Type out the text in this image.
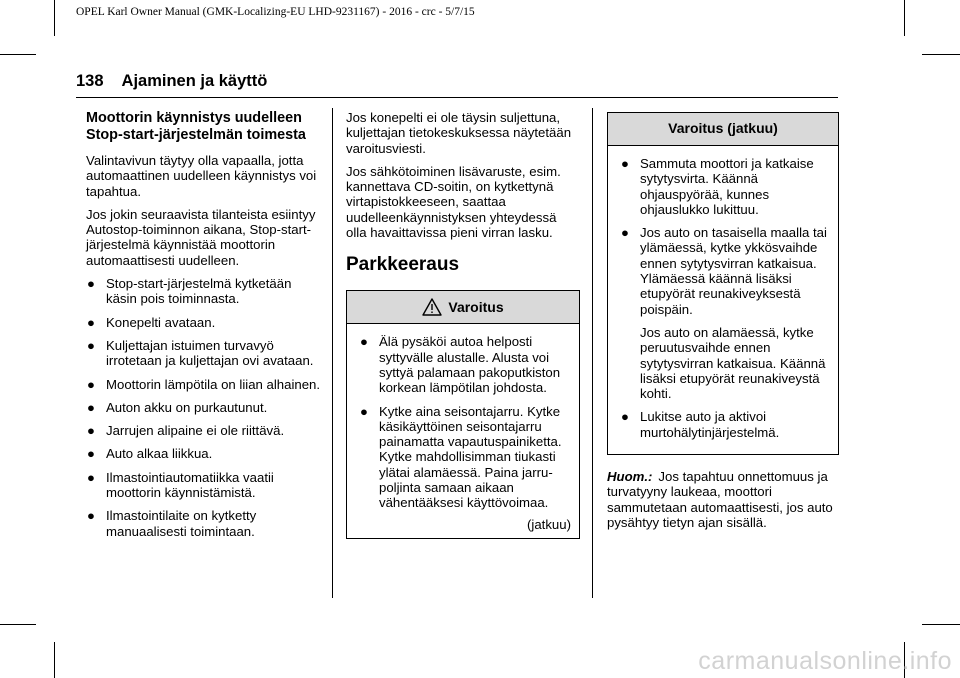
OPEL Karl Owner Manual (GMK-Localizing-EU LHD-9231167) - 2016 - crc - 5/7/15
138 Ajaminen ja käyttö
Moottorin käynnistys uudelleen Stop-start-järjestelmän toimesta

Valintavivun täytyy olla vapaalla, jotta automaattinen uudelleen käynnistys voi tapahtua.

Jos jokin seuraavista tilanteista esiintyy Autostop-toiminnon aikana, Stop-start-järjestelmä käynnistää moottorin automaattisesti uudelleen.

● Stop-start-järjestelmä kytketään käsin pois toiminnasta.
● Konepelti avataan.
● Kuljettajan istuimen turvavyö irrotetaan ja kuljettajan ovi avataan.
● Moottorin lämpötila on liian alhainen.
● Auton akku on purkautunut.
● Jarrujen alipaine ei ole riittävä.
● Auto alkaa liikkua.
● Ilmastointiautomatiikka vaatii moottorin käynnistämistä.
● Ilmastointilaite on kytketty manuaalisesti toimintaan.

Jos konepelti ei ole täysin suljettuna, kuljettajan tietokeskuksessa näytetään varoitusviesti.

Jos sähkötoiminen lisävaruste, esim. kannettava CD-soitin, on kytkettynä virtapistokkeeseen, saattaa uudelleenkäynnistyksen yhteydessä olla havaittavissa pieni virran lasku.

Parkkeeraus
Varoitus
● Älä pysäköi autoa helposti syttyvälle alustalle. Alusta voi syttyä palamaan pakoputkiston korkean lämpötilan johdosta.
● Kytke aina seisontajarru. Kytke käsikäyttöinen seisontajarru painamatta vapautuspainiketta. Kytke mahdollisimman tiukasti ylätai alamäessä. Paina jarrupoljinta samaan aikaan vähentääksesi käyttövoimaa.
(jatkuu)
Varoitus (jatkuu)
● Sammuta moottori ja katkaise sytytysvirta. Käännä ohjauspyörää, kunnes ohjauslukko lukittuu.
● Jos auto on tasaisella maalla tai ylämäessä, kytke ykkösvaihde ennen sytytysvirran katkaisua. Ylämäessä käännä lisäksi etupyörät reunakiveyksestä poispäin.

Jos auto on alamäessä, kytke peruutusvaihde ennen sytytysvirran katkaisua. Käännä lisäksi etupyörät reunakiveystä kohti.

● Lukitse auto ja aktivoi murtohälytinjärjestelmä.

Huom.: Jos tapahtuu onnettomuus ja turvatyyny laukeaa, moottori sammutetaan automaattisesti, jos auto pysähtyy tietyn ajan sisällä.

carmanualsonline.info
